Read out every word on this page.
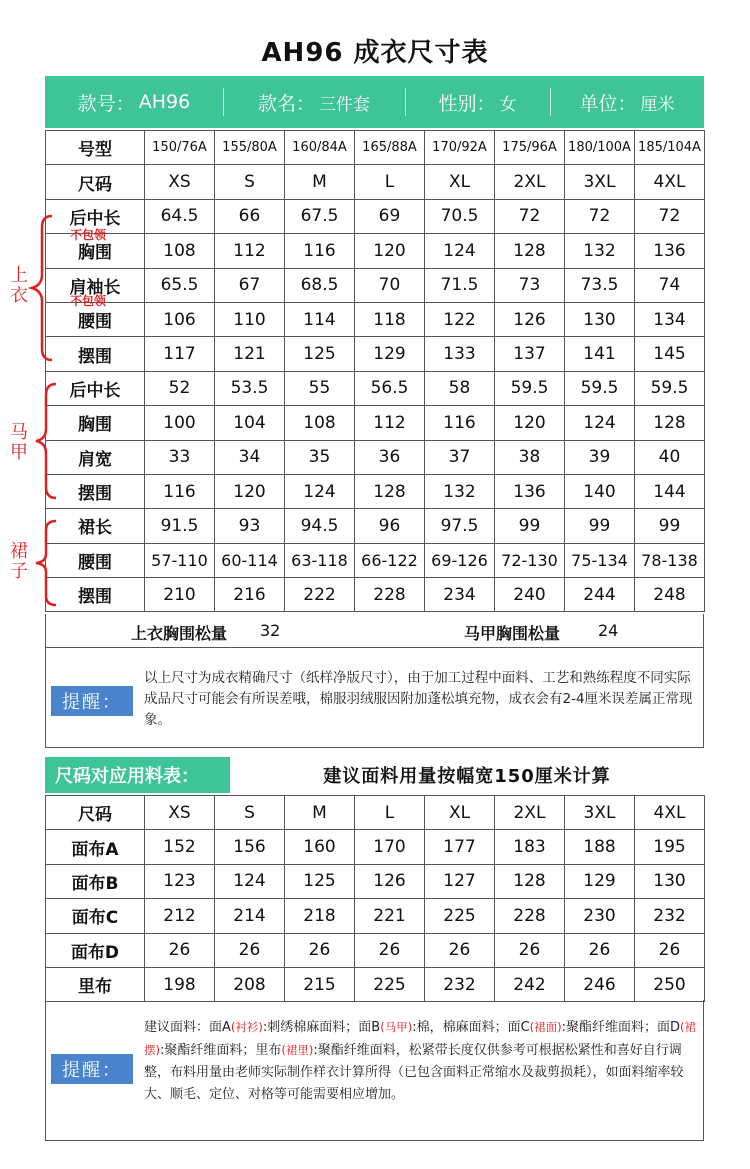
AH96 成衣尺寸表
款号： AH96	款名： 三件套	性别： 女	单位： 厘米
号型	150/76A	155/80A	160/84A	165/88A	170/92A	175/96A	180/100A	185/104A
尺码	XS	S	M	L	XL	2XL	3XL	4XL
后中长	64.5	66	67.5	69	70.5	72	72	72
胸围	108	112	116	120	124	128	132	136
肩袖长	65.5	67	68.5	70	71.5	73	73.5	74
腰围	106	110	114	118	122	126	130	134
摆围	117	121	125	129	133	137	141	145
后中长	52	53.5	55	56.5	58	59.5	59.5	59.5
胸围	100	104	108	112	116	120	124	128
肩宽	33	34	35	36	37	38	39	40
摆围	116	120	124	128	132	136	140	144
裙长	91.5	93	94.5	96	97.5	99	99	99
腰围	57-110	60-114	63-118	66-122	69-126	72-130	75-134	78-138
摆围	210	216	222	228	234	240	244	248
上衣
马甲
裙子
不包领
不包领
上衣胸围松量 32	马甲胸围松量 24
提醒：
以上尺寸为成衣精确尺寸（纸样净版尺寸），由于加工过程中面料、工艺和熟练程度不同实际成品尺寸可能会有所误差哦，棉服羽绒服因附加蓬松填充物，成衣会有2-4厘米误差属正常现象。
尺码对应用料表：	建议面料用量按幅宽150厘米计算
尺码	XS	S	M	L	XL	2XL	3XL	4XL
面布A	152	156	160	170	177	183	188	195
面布B	123	124	125	126	127	128	129	130
面布C	212	214	218	221	225	228	230	232
面布D	26	26	26	26	26	26	26	26
里布	198	208	215	225	232	242	246	250
提醒：
建议面料：面A(衬衫):刺绣棉麻面料；面B(马甲):棉，棉麻面料；面C(裙面):聚酯纤维面料；面D(裙摆):聚酯纤维面料；里布(裙里):聚酯纤维面料，松紧带长度仅供参考可根据松紧性和喜好自行调整，布料用量由老师实际制作样衣计算所得（已包含面料正常缩水及裁剪损耗），如面料缩率较大、顺毛、定位、对格等可能需要相应增加。
